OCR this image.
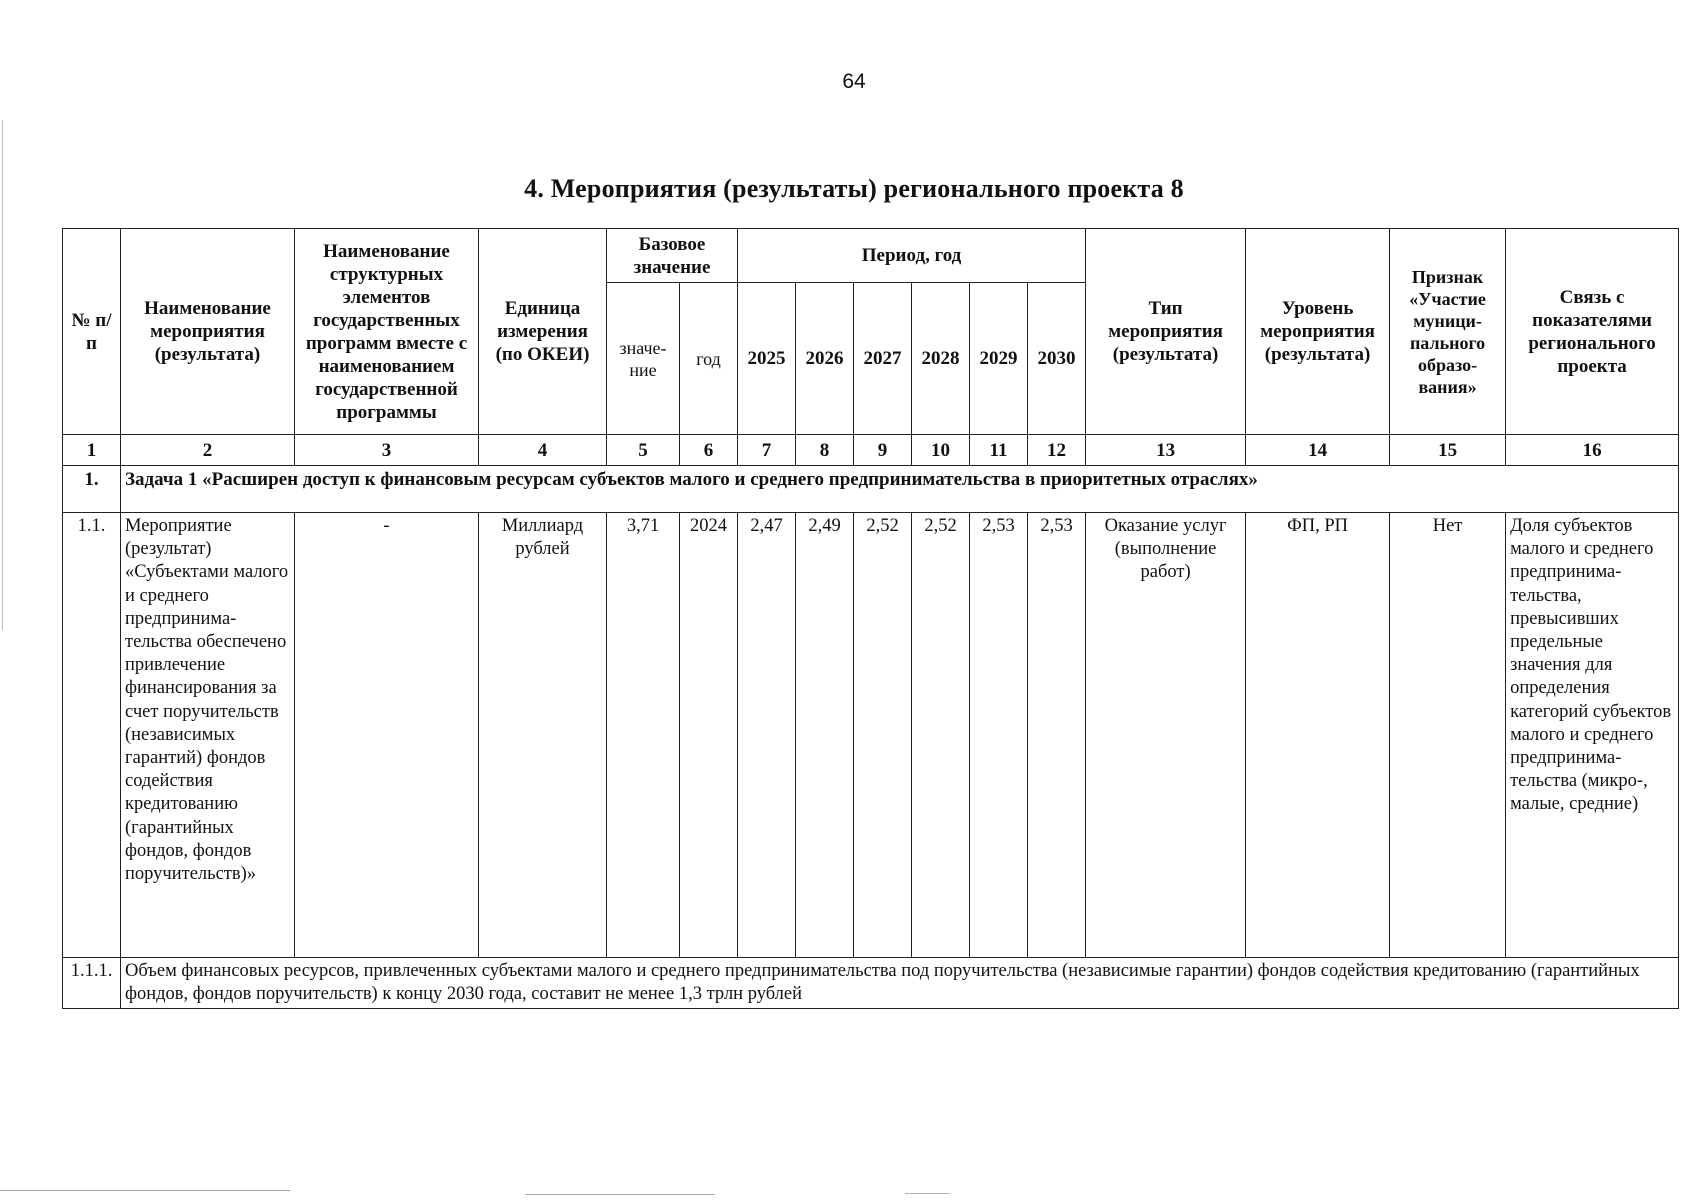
64
4. Мероприятия (результаты) регионального проекта 8
№ п/п	Наименование мероприятия (результата)	Наименование структурных элементов государственных программ вместе с наименованием государственной программы	Единица измерения (по ОКЕИ)	Базовое значение		Период, год						Тип мероприятия (результата)	Уровень мероприятия (результата)	Признак «Участие муници-пального образо-вания»	Связь с показателями регионального проекта
				значе-ние	год	2025	2026	2027	2028	2029	2030				
1	2	3	4	5	6	7	8	9	10	11	12	13	14	15	16
1.	Задача 1 «Расширен доступ к финансовым ресурсам субъектов малого и среднего предпринимательства в приоритетных отраслях»														
1.1.	Мероприятие (результат) «Субъектами малого и среднего предпринима-тельства обеспечено привлечение финансирования за счет поручительств (независимых гарантий) фондов содействия кредитованию (гарантийных фондов, фондов поручительств)»	-	Миллиард рублей	3,71	2024	2,47	2,49	2,52	2,52	2,53	2,53	Оказание услуг (выполнение работ)	ФП, РП	Нет	Доля субъектов малого и среднего предпринима-тельства, превысивших предельные значения для определения категорий субъектов малого и среднего предпринима-тельства (микро-, малые, средние)
1.1.1.	Объем финансовых ресурсов, привлеченных субъектами малого и среднего предпринимательства под поручительства (независимые гарантии) фондов содействия кредитованию (гарантийных фондов, фондов поручительств) к концу 2030 года, составит не менее 1,3 трлн рублей														
